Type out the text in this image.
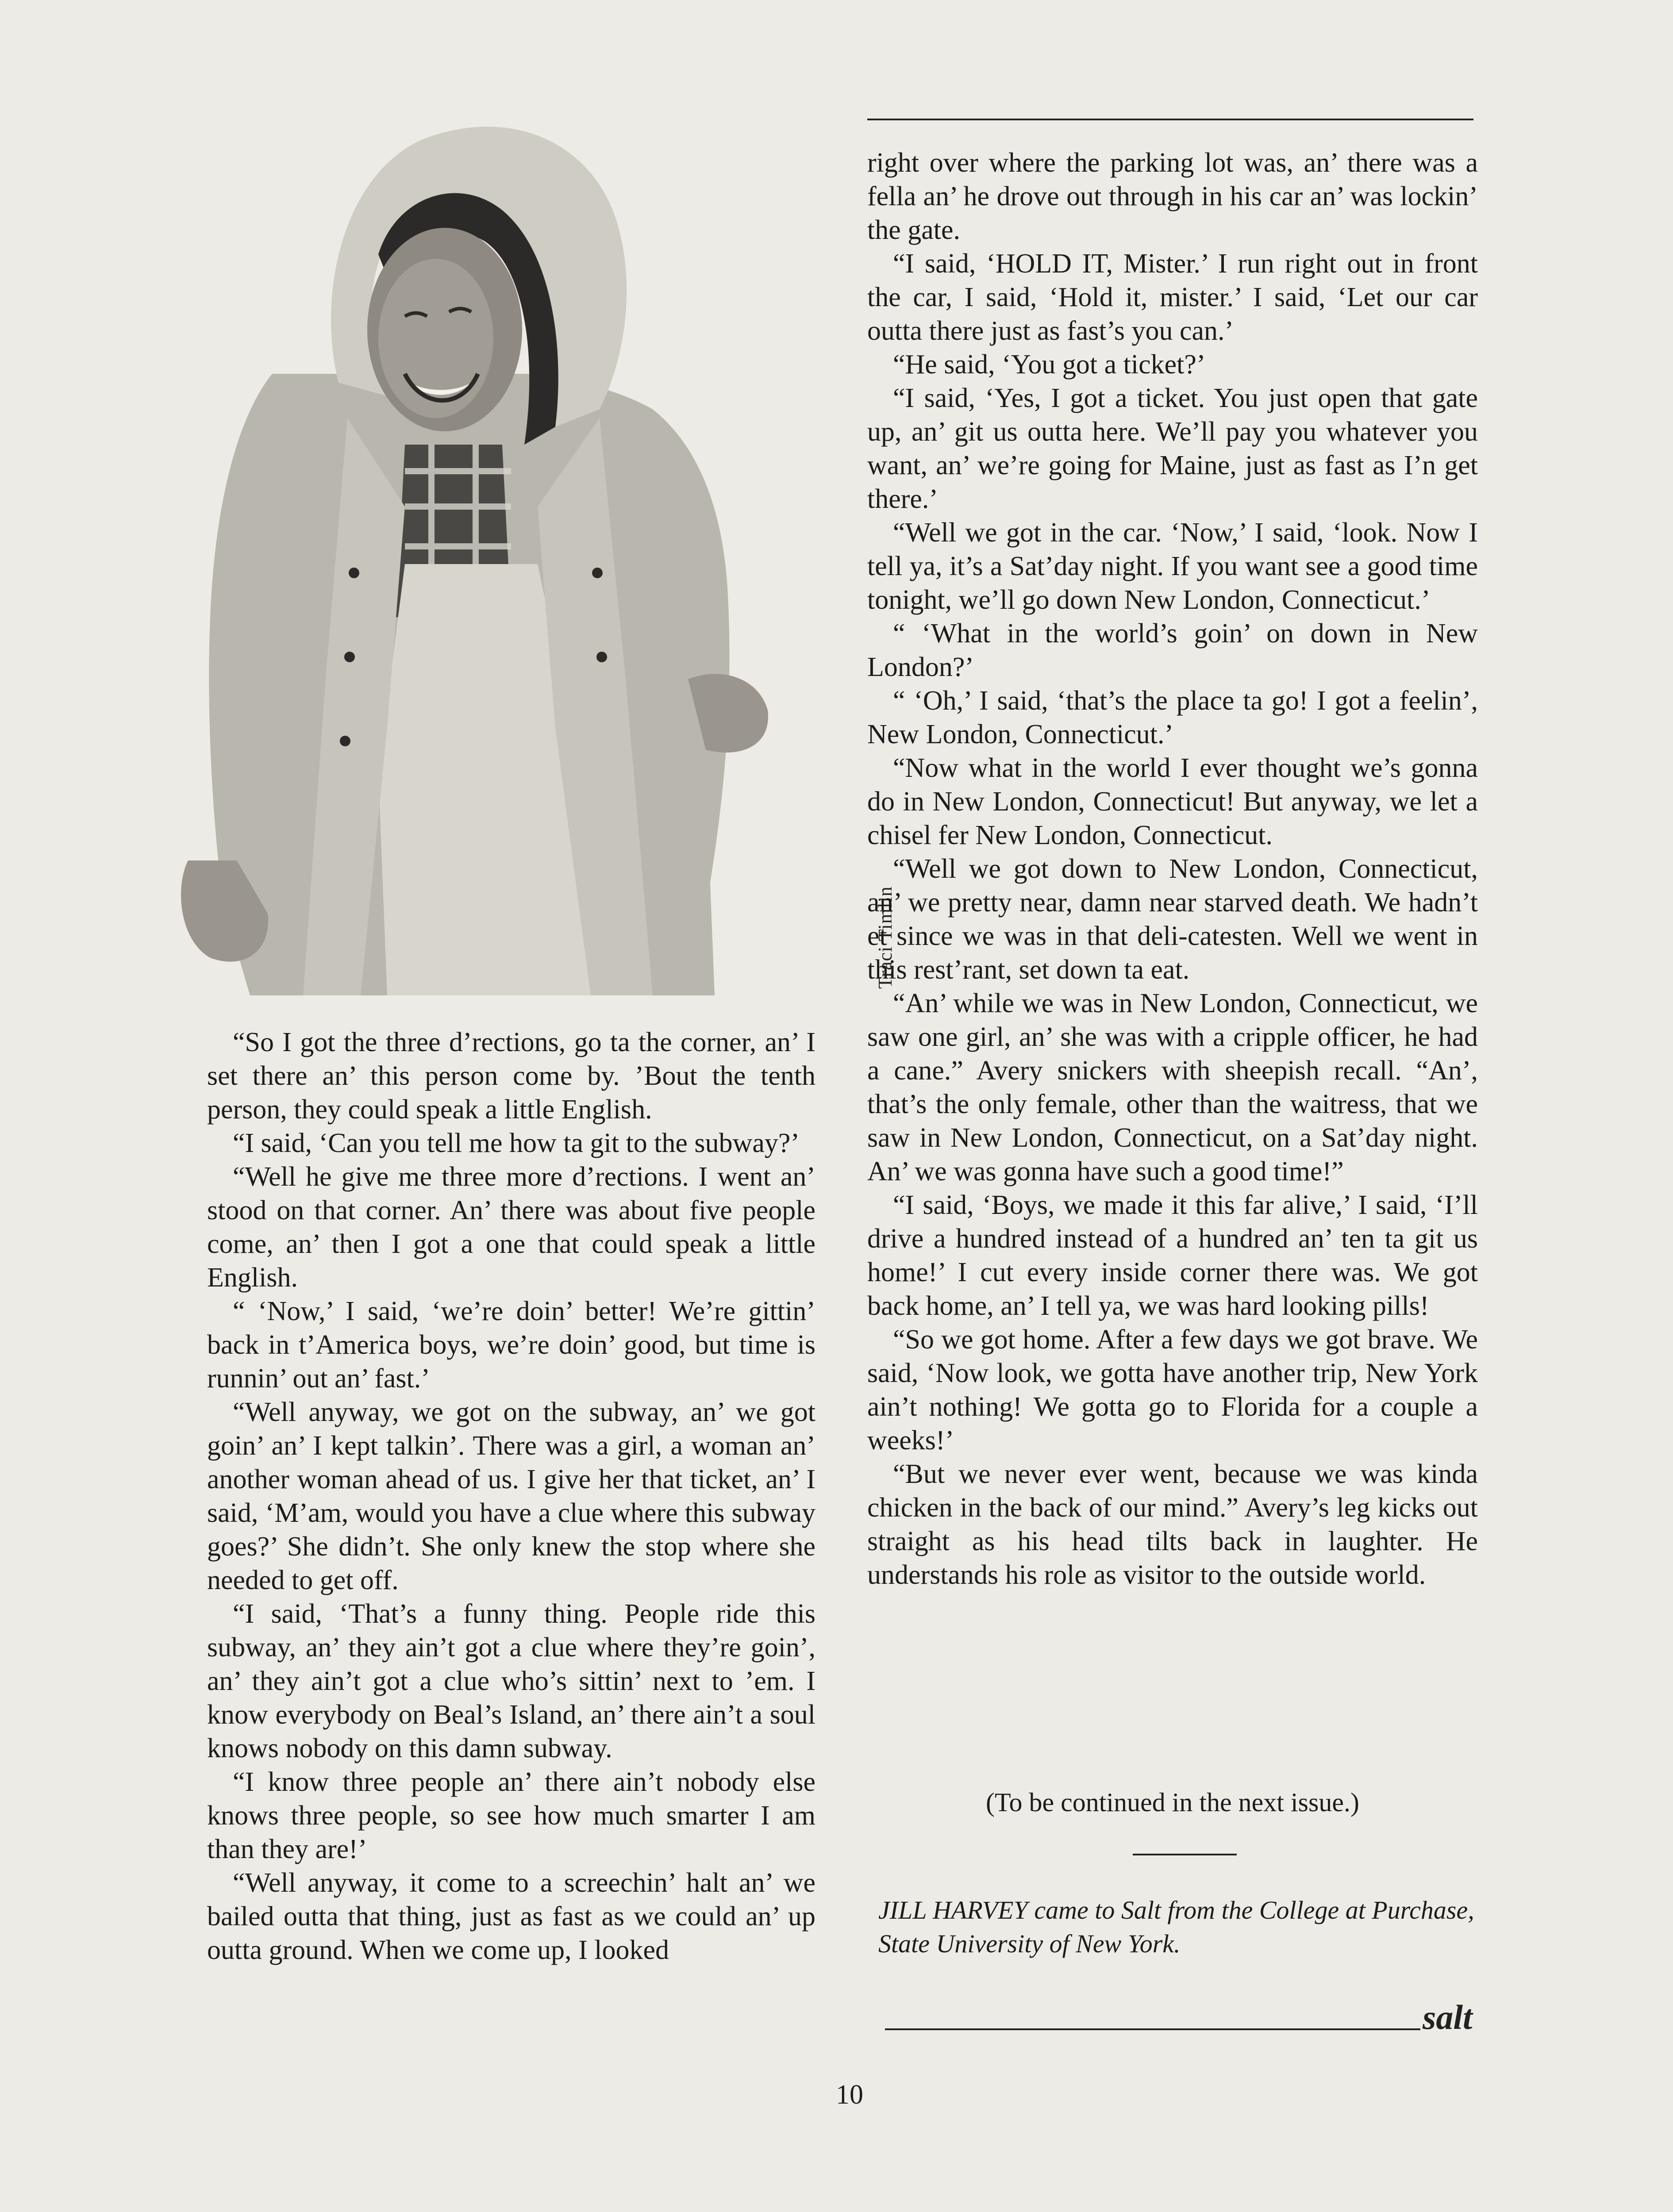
Traci Timlin

“So I got the three d’rections, go ta the corner, an’ I set there an’ this person come by. ’Bout the tenth person, they could speak a little English.

“I said, ‘Can you tell me how ta git to the subway?’

“Well he give me three more d’rections. I went an’ stood on that corner. An’ there was about five people come, an’ then I got a one that could speak a little English.

“ ‘Now,’ I said, ‘we’re doin’ better! We’re gittin’ back in t’America boys, we’re doin’ good, but time is runnin’ out an’ fast.’

“Well anyway, we got on the subway, an’ we got goin’ an’ I kept talkin’. There was a girl, a woman an’ another woman ahead of us. I give her that ticket, an’ I said, ‘M’am, would you have a clue where this subway goes?’ She didn’t. She only knew the stop where she needed to get off.

“I said, ‘That’s a funny thing. People ride this subway, an’ they ain’t got a clue where they’re goin’, an’ they ain’t got a clue who’s sittin’ next to ’em. I know everybody on Beal’s Island, an’ there ain’t a soul knows nobody on this damn subway.

“I know three people an’ there ain’t nobody else knows three people, so see how much smarter I am than they are!’

“Well anyway, it come to a screechin’ halt an’ we bailed outta that thing, just as fast as we could an’ up outta ground. When we come up, I looked

right over where the parking lot was, an’ there was a fella an’ he drove out through in his car an’ was lockin’ the gate.

“I said, ‘HOLD IT, Mister.’ I run right out in front the car, I said, ‘Hold it, mister.’ I said, ‘Let our car outta there just as fast’s you can.’

“He said, ‘You got a ticket?’

“I said, ‘Yes, I got a ticket. You just open that gate up, an’ git us outta here. We’ll pay you whatever you want, an’ we’re going for Maine, just as fast as I’n get there.’

“Well we got in the car. ‘Now,’ I said, ‘look. Now I tell ya, it’s a Sat’day night. If you want see a good time tonight, we’ll go down New London, Connecticut.’

“ ‘What in the world’s goin’ on down in New London?’

“ ‘Oh,’ I said, ‘that’s the place ta go! I got a feelin’, New London, Connecticut.’

“Now what in the world I ever thought we’s gonna do in New London, Connecticut! But anyway, we let a chisel fer New London, Connecticut.

“Well we got down to New London, Connecticut, an’ we pretty near, damn near starved death. We hadn’t et since we was in that deli-catesten. Well we went in this rest’rant, set down ta eat.

“An’ while we was in New London, Connecticut, we saw one girl, an’ she was with a cripple officer, he had a cane.” Avery snickers with sheepish recall. “An’, that’s the only female, other than the waitress, that we saw in New London, Connecticut, on a Sat’day night. An’ we was gonna have such a good time!”

“I said, ‘Boys, we made it this far alive,’ I said, ‘I’ll drive a hundred instead of a hundred an’ ten ta git us home!’ I cut every inside corner there was. We got back home, an’ I tell ya, we was hard looking pills!

“So we got home. After a few days we got brave. We said, ‘Now look, we gotta have another trip, New York ain’t nothing! We gotta go to Florida for a couple a weeks!’

“But we never ever went, because we was kinda chicken in the back of our mind.” Avery’s leg kicks out straight as his head tilts back in laughter. He understands his role as visitor to the outside world.

(To be continued in the next issue.)
JILL HARVEY came to Salt from the College at Purchase, State University of New York.
salt
10
